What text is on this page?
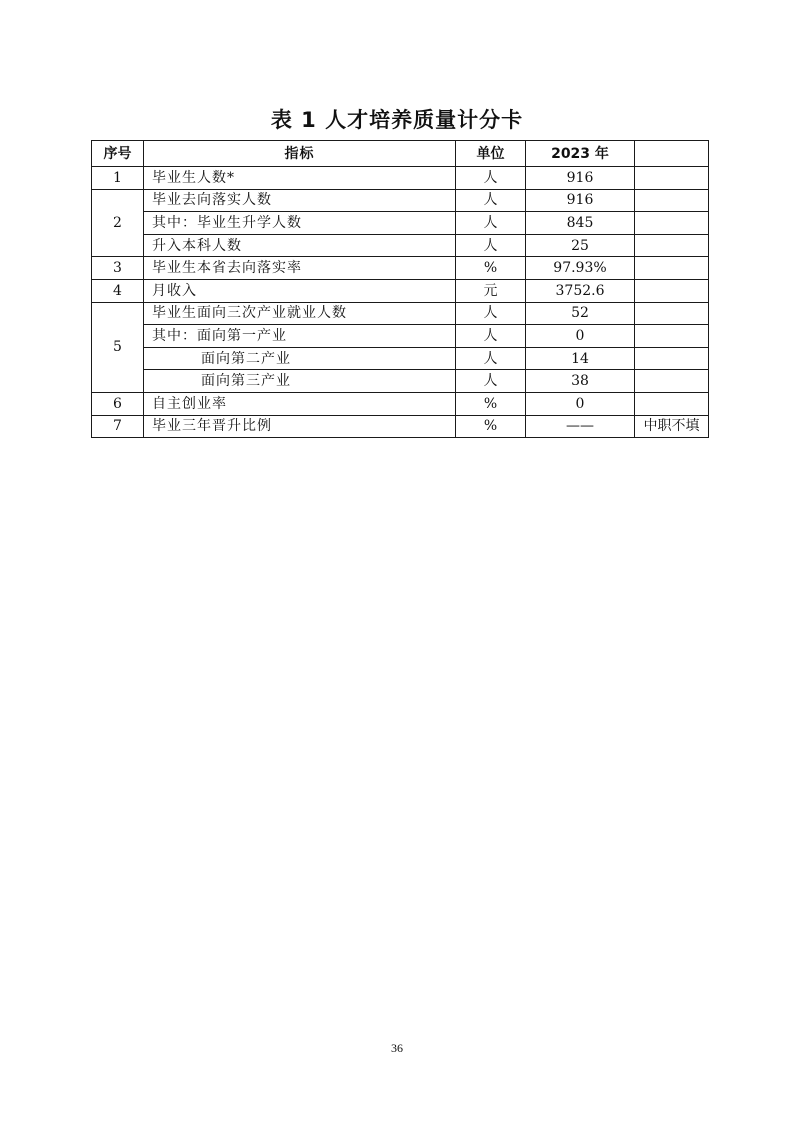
表 1 人才培养质量计分卡
序号	指标	单位	2023 年	
1	毕业生人数*	人	916	
2	毕业去向落实人数	人	916	
	其中：毕业生升学人数	人	845	
	升入本科人数	人	25	
3	毕业生本省去向落实率	%	97.93%	
4	月收入	元	3752.6	
5	毕业生面向三次产业就业人数	人	52	
	其中：面向第一产业	人	0	
	面向第二产业	人	14	
	面向第三产业	人	38	
6	自主创业率	%	0	
7	毕业三年晋升比例	%	——	中职不填
36
